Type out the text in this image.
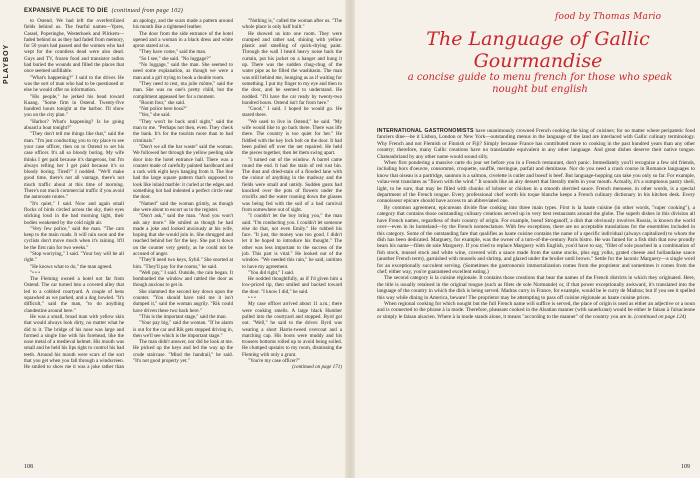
PLAYBOY
EXPANSIVE PLACE TO DIE (continued from page 102)

to Ostend. We had left the overfertilized fields behind us. The fearful names—Ypres, Cassel, Poperinghe, Westerhoek and Pilckem—faded behind us as they had faded from memory, for 50 years had passed and the women who had wept for the countless dead were also dead. Guys and TV, frozen food and transistor radios had buried the wounds and filled the places that once seemed unfillable.

"What's happening?" I said to the driver. He was the sort of man who had to be questioned or else he would offer no information.

"His people," he jerked his head toward Kuang. "Some firm in Ostend. Twenty-five hundred hours tonight at the harbor. I'll show you on the city plan."

"Harbor? What's happening? Is he going aboard a boat tonight?"

"They don't tell me things like that," said the man. "I'm just conducting you to my place to see your case officer, then on to Ostend to set his case officer. It's all so bloody boring. My wife thinks I get paid because it's dangerous, but I'm always telling her I get paid because it's so bloody boring. Tired?" I nodded. "We'll make good time, there's not all vantage, there's not much traffic about at this time of morning. There's not much commercial traffic if you avoid the autoroute routes."

"It's quiet," I said. Now and again small flocks of birds circled across the sky, their eyes sticking loud in the bad morning light, their bodies weakened by the cold night air.

"Very few police," said the man. "The cars keep to the main roads. It will rain soon and the cyclists don't move much when it's raining. It'll be the first rain for two weeks."

"Stop worrying," I said. "Your boy will be all right."

"He knows what to do," the man agreed.

"• • •

The Fleming owned a hotel not far from Ostend. The car turned into a covered alley that led to a cobbled courtyard. A couple of hens squawked as we parked, and a dog howled. "It's difficult," said the man, "to do anything clandestine around here."

He was a small, broad man with yellow skin that would always look dirty, no matter what he did to it. The bridge of his nose was large and formed a single line with his forehead, like the nose metal of a medieval helmet. His mouth was small and he held his lips tight to control his bad teeth. Around his mouth were scars of the sort that you get when you fall through a windscreen. He smiled to show me it was a joke rather than an apology, and the scars made a pattern around his mouth like a tightened leather.

The door from the side entrance of the hotel opened and a woman in a black dress and white apron stared at us.

"They have come," said the man.

"So I see," she said. "No luggage?"

"No luggage," said the man. She seemed to need some explanation, as though we were a man and a girl trying to book a double room.

"They need to rest, ma jolie môme," said the man. She was no one's pretty child, but the compliment appeased her for a moment.

"Room four," she said.

"Not police here boss?"

"Yes," she said.

"They won't be back until night," said the man to me. "Perhaps not then, even. They check the bank. It's for the tourists more than to bad criminals."

"Don't we all the bar waste" said the woman. We followed her through the yellow peeling side door into the hotel entrance hall. There was a counter made of carefully painted hardboard and a rack with eight keys hanging from it. The line had the large square pattern that's supposed to look like inlaid marble: it curled at the edges and something hot had indented a perfect circle near the door.

"Named" said the woman grimly, as though she were about to escort us to the register.

"Don't ask," said the man. "And you won't ask any more." He smiled as though he had made a joke and looked anxiously at his wife, hoping that she would join in. She shrugged and reached behind her for the key. She put it down on the counter very gently, as he could not be accused of anger.

"They'll need two keys, Sybil." She snorted at him. "They'll pay for the rooms," he said.

"Well pay," I said. Outside, the rain began. It bombarded the window and rattled the door as though anxious to get in.

She slammed the second key down upon the counter. "You should have told me it isn't dumped it," said the woman angrily. "Rik could have driven these two back here."

"This is the important stage," said the man.

"Your pay big," said the woman. "If he alarm is out for the car and Rik gets stopped driving in, then we'll see which is the important stage."

The man didn't answer, nor did he look at me. He picked up the keys and led the way up the crude staircase. "Mind the handrail," he said. "It's not good property yet."

"Nothing is," called the woman after us. "The whole place is only half built."

He showed us into one room. They were cramped and rather sad, shining with yellow plastic and smelling of quick-drying paint. Through the wall I heard heavy noise back the curtain, put his jacket on a hanger and hung it up. There was the sudden chug-chug of the water pipe as he filled the washbasin. The man was still behind me, lounging as as if waiting for something. I put my finger to my eye and then to the door, and he seemed to understand. He nodded. "I'll have the car ready by twenty-two hundred hours. Ostend isn't far from here."

"Good," I said. I hoped he would go. He stared there.

"We used to live in Ostend," he said. "My wife would like to go back there. There was life there. The country is too quiet for her." He fiddled with the key lock bolt on the door. It had been pulled off over the net repaired. He held the pieces together, then let them swing apart.

"I turned out of the window. A barrel came round the end. It had the stain of red rust bin. The dust and dried-stain of a flooded lane with the colour of anything in the madway and the fields were small and untidy. Sudden gusts had knocked over the pots of flowers under the cruciflx and the water running down the glasses was being fed with the soil of a bad carnival from somewhere out of sight.

"I couldn't let the boy bring you," the man said. "I'm conducting you. I couldn't let someone else do that, not even Emily." He rubbed his face. "It just, the money was too good. I didn't let it be hoped to introduce his thought." The other was less important to the success of the job. This part is vital." He looked out of the window. "We needed this rain," he said, unitinto to have my agreement.

"You did right," I said.

He nodded thoughtfully, as if I'd given him a low-priced tip, then smiled and backed toward the door. "I know I did," he said.

• • •

My case officer arrived about 11 a.m.; there were cooking smells. A large black Humber pulled into the courtyard and stopped. Byrd got out. "Well," he said to the driver. Byrd was wearing a short Harris-tweed overcoat and a matching cap. His boots were muddy and his trousers bottoms rolled up to avoid being soiled. He clumped upstairs to my room, dismissing the Fleming with only a grunt.

"You're my case officer?"

(continued on page 171)

108
food by Thomas Mario
The Language of Gallic Gourmandise
a concise guide to menu french for those who speak nought but english

INTERNATIONAL GASTRONOMISTS have unanimously crowned French cooking the king of cuisines; for no matter where peripatetic food fanciers dine—be it Lisbon, London or New York—outstanding menus in the language of the land are interlaced with Gallic culinary terminology. Why French and not Flemish or Finnish or Fiji? Simply because France has contributed more to cooking in the past hundred years than any other country; therefore, many Gallic creations have no translatable equivalent in any other language. And great dishes deserve their native tongue. Chateaubriand by any other name would sound silly.

When first pondering a massive carte du jour set before you in a French restaurant, don't panic. Immediately you'll recognize a few old friends, including hors d'oeuvre, consommé, croquette, soufflé, meringue, parfait and demitasse. Nor do you need a crash course in Romance languages to know that oiseau is a partridge, saumon is a salmon, civelette is cutlet and boeuf is beef. But language-hopping can take you only so far. For example, volau-vent translates as "flown with the wind." It sounds like an airy dessert that literally melts in your mouth. Actually, it's a sumptuous pastry shell, light, to be sure, that may be filled with chunks of lobster or chicken in a smooth sherried sauce. French menuese, in other words, is a special department of the French tongue. Every professional chef worth his toque blanche keeps a French culinary dictionary in his kitchen desk. Every connoisseur epicure should have access to an abbreviated one.

By common agreement, epicureans divide fine cooking into three main types. First is la haute cuisine (in other words, "super cooking"), a category that contains those outstanding culinary creations served up in very best restaurants around the globe. The superb dishes in this division all have French names, regardless of their country of origin. For example, boeuf Stroganoff, a dish that obviously involves Russia, is known the world over—even in its homeland—by the French nomenclature. With few exceptions, there are no acceptable translations for the ensembles included in this category. Some of the outstanding fare that qualifies as haute cuisine contains the name of a specific individual (always capitalized) to whom the dish has been dedicated. Marguery, for example, was the owner of a turn-of-the-century Paris bistro. He was famed for a fish dish that now proudly bears his name—filets de sole Marguery. If you tried to replace Marguery with English, you'd have to say, "fillet of sole poached in a combination of fish stock, mussel stock and white wine, covered with a sauce made from the same stocks, plus egg yolks, grated cheese and hollandaise sauce (another French term), garnished with mussels and shrimp, and glazed under the broiler until brown." Settle for the laconic Marguery—a single word for an exceptionally succulent serving. (Sometimes the gastronomic immortalization comes from the proprietor and sometimes it comes from the chef; either way, you're guaranteed excellent eating.)

The second category is la cuisine régionale. It contains those creations that bear the names of the French districts in which they originated. Here, the title is usually retained in the original tongue (such as filets de sole Normande) or, if that power exceptionally awkward, it's translated into the language of the country in which the dish is being served. Madras curry in France, for example, would be le curry de Madras; but if you see it spelled this way while dining in America, beware! The proprietor may be attempting to pass off cuisine régionale as haute cuisine prices.

When regional cooking for which nought but the full French name will suffice is served, the place of origin is used as either an adjective or a noun and is connected to the phrase à la mode. Therefore, pheasant cooked in the Alsatian manner (with sauerkraut) would be either le faisan à l'alsacienne or simply le faisan alsacien. Where à la mode stands alone, it means "according to the manner" of the country you are in. (continued on page 124)

109
